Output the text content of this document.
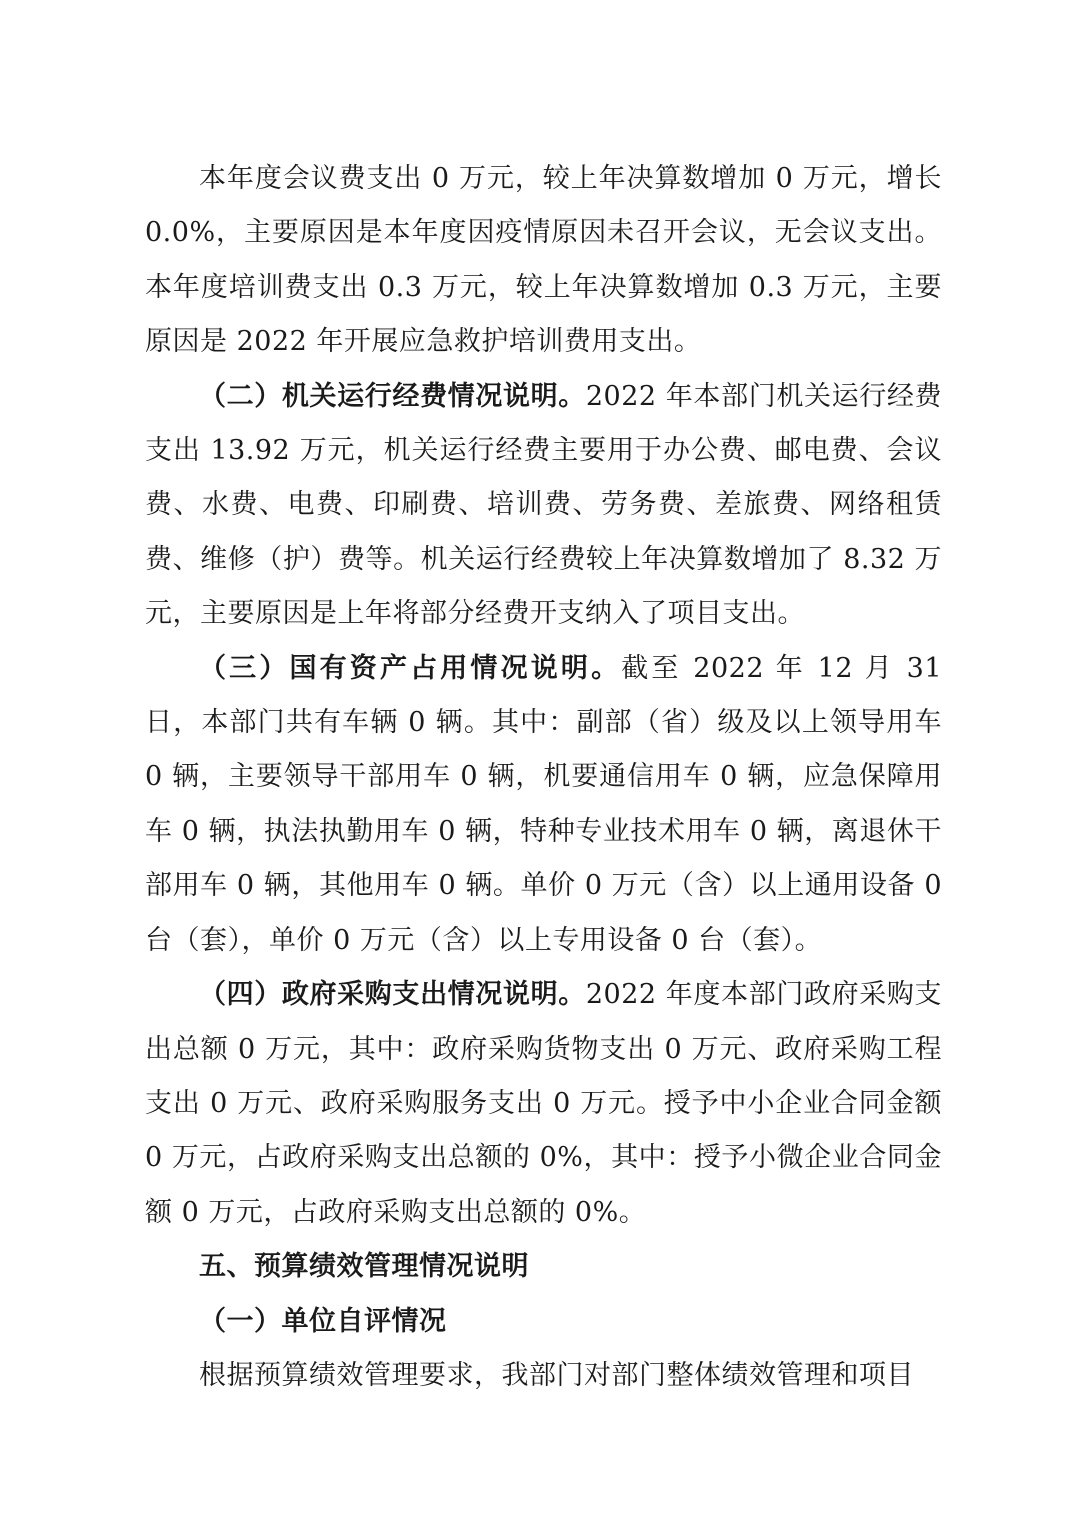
本年度会议费支出 0 万元，较上年决算数增加 0 万元，增长 0.0%，主要原因是本年度因疫情原因未召开会议，无会议支出。本年度培训费支出 0.3 万元，较上年决算数增加 0.3 万元，主要原因是 2022 年开展应急救护培训费用支出。

（二）机关运行经费情况说明。2022 年本部门机关运行经费支出 13.92 万元，机关运行经费主要用于办公费、邮电费、会议费、水费、电费、印刷费、培训费、劳务费、差旅费、网络租赁费、维修（护）费等。机关运行经费较上年决算数增加了 8.32 万元，主要原因是上年将部分经费开支纳入了项目支出。

（三）国有资产占用情况说明。截至 2022 年 12 月 31 日，本部门共有车辆 0 辆。其中：副部（省）级及以上领导用车 0 辆，主要领导干部用车 0 辆，机要通信用车 0 辆，应急保障用车 0 辆，执法执勤用车 0 辆，特种专业技术用车 0 辆，离退休干部用车 0 辆，其他用车 0 辆。单价 0 万元（含）以上通用设备 0 台（套），单价 0 万元（含）以上专用设备 0 台（套）。

（四）政府采购支出情况说明。2022 年度本部门政府采购支出总额 0 万元，其中：政府采购货物支出 0 万元、政府采购工程支出 0 万元、政府采购服务支出 0 万元。授予中小企业合同金额 0 万元，占政府采购支出总额的 0%，其中：授予小微企业合同金额 0 万元，占政府采购支出总额的 0%。

五、预算绩效管理情况说明

（一）单位自评情况

根据预算绩效管理要求，我部门对部门整体绩效管理和项目
